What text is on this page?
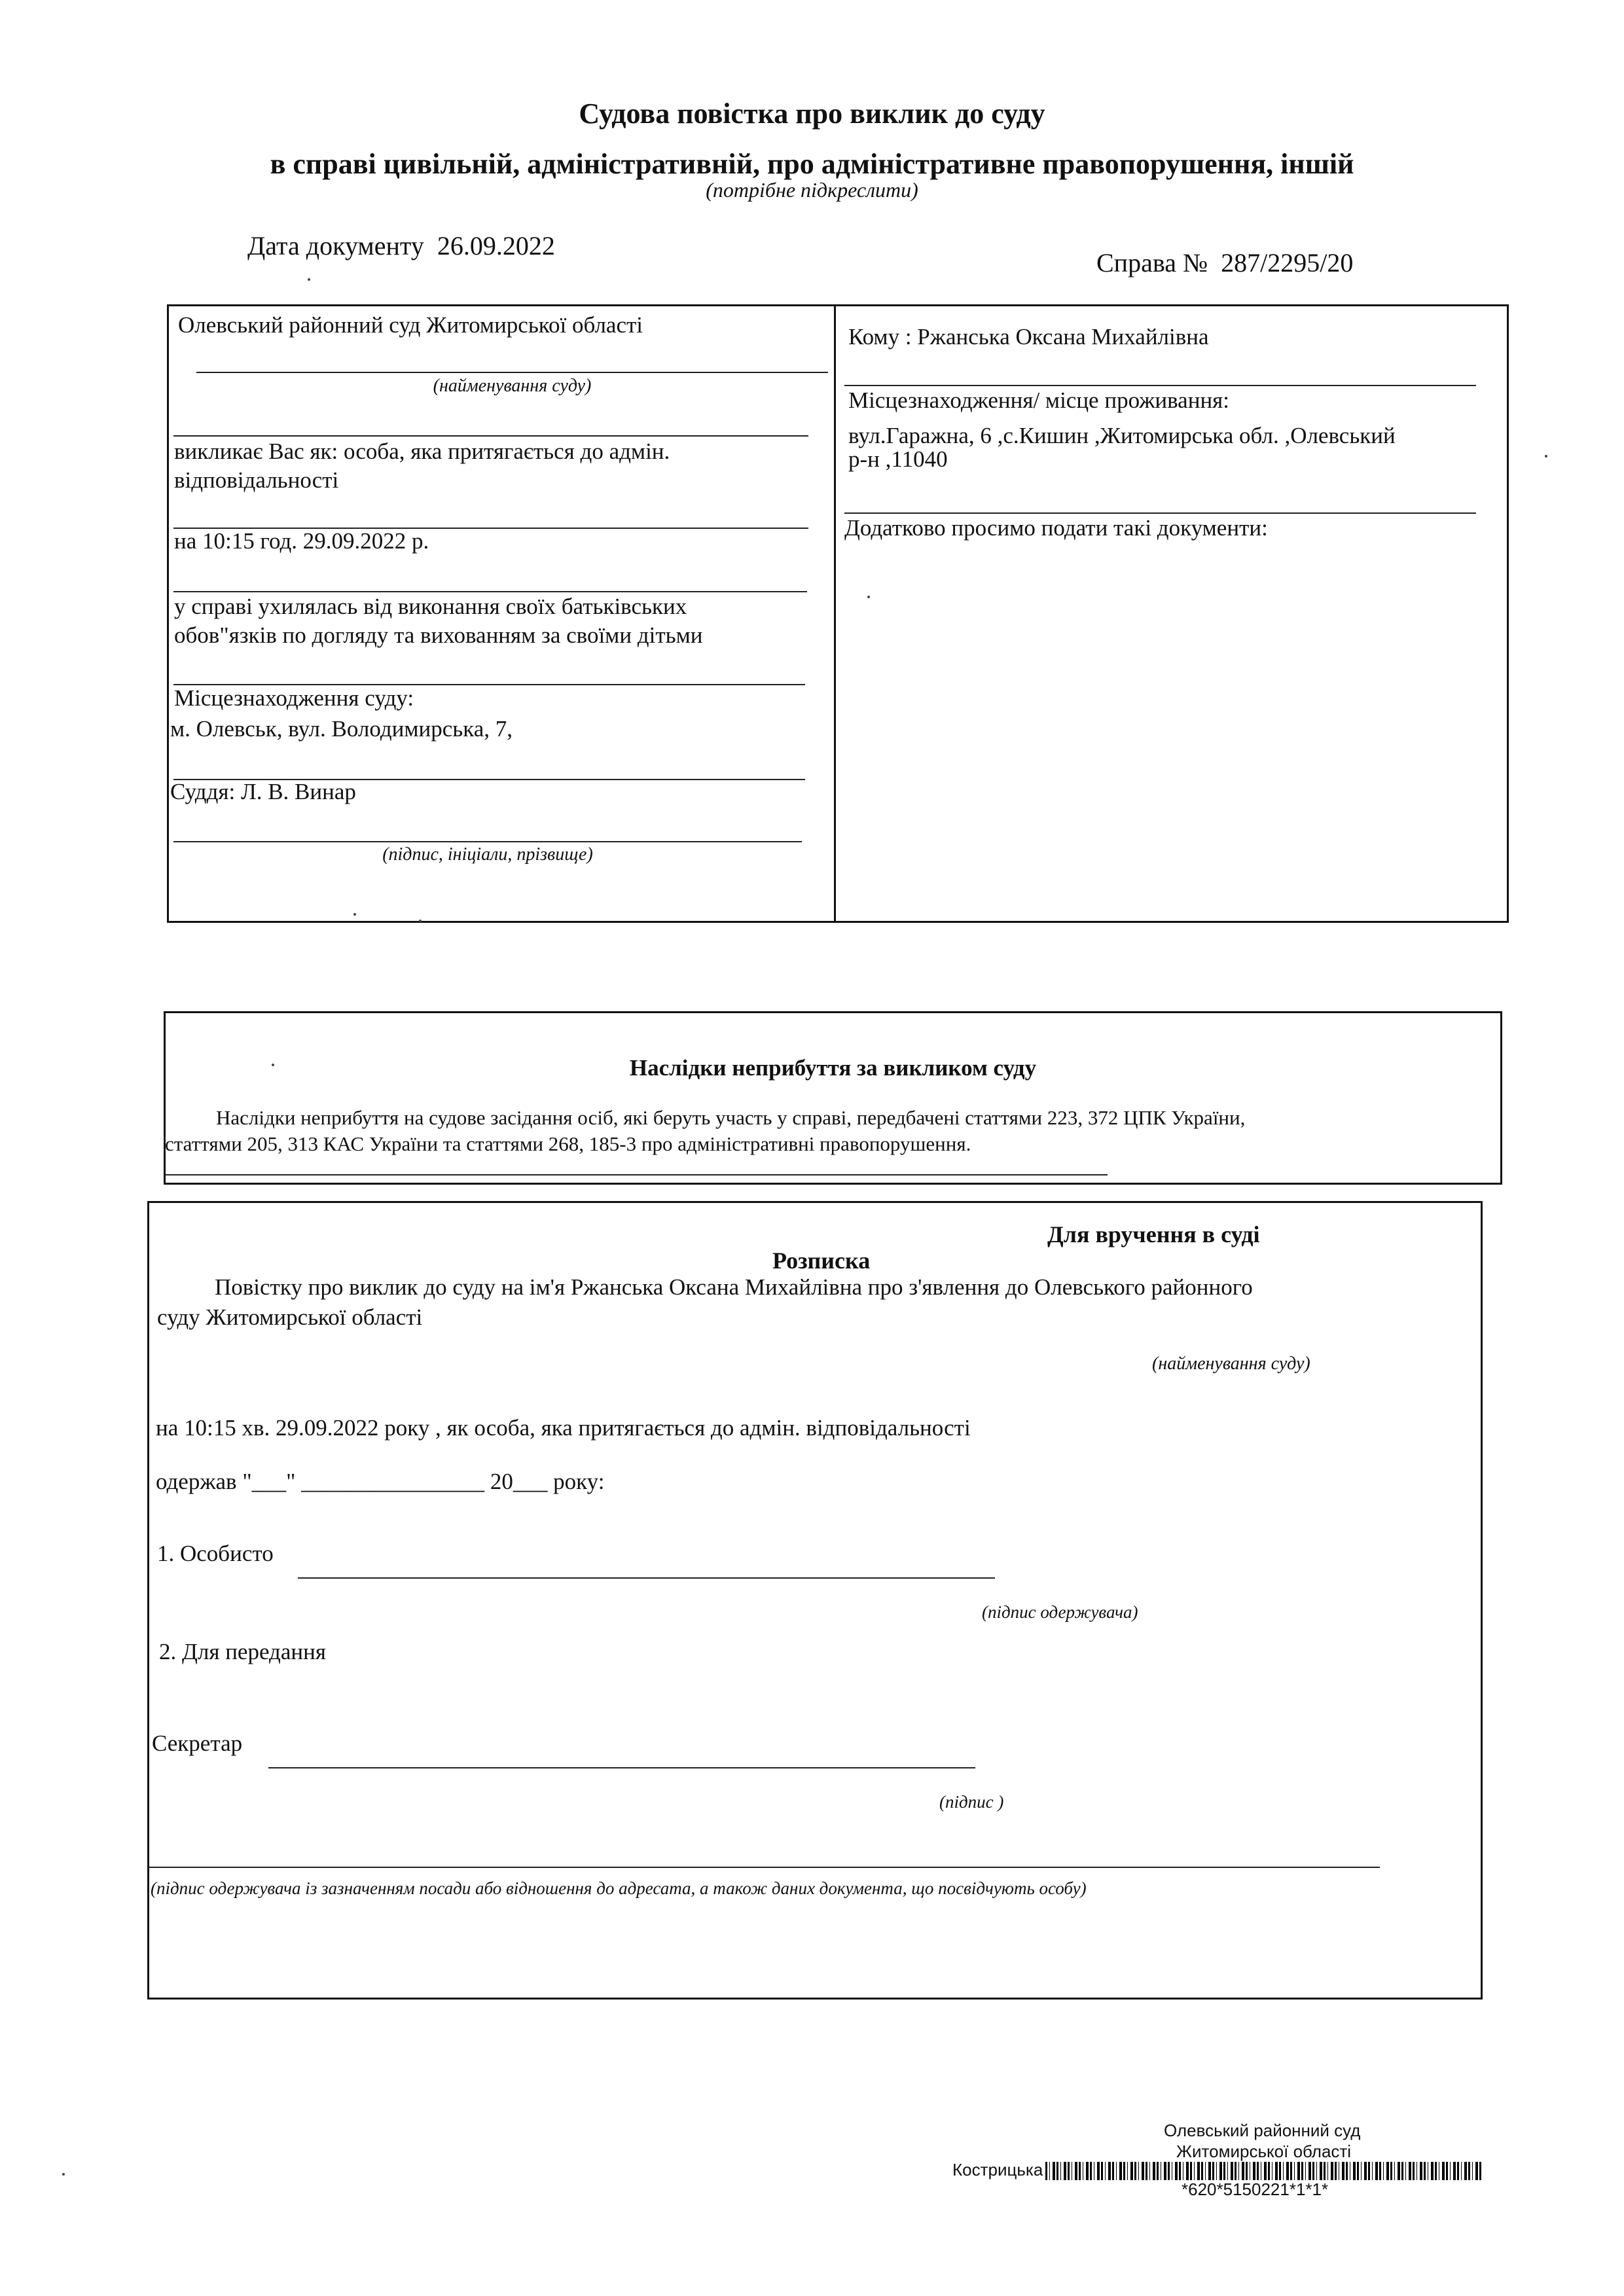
Судова повістка про виклик до суду
в справі цивільній, адміністративній, про адміністративне правопорушення, іншій
(потрібне підкреслити)
Дата документу 26.09.2022
Справа № 287/2295/20
Олевський районний суд Житомирської області
(найменування суду)
викликає Вас як: особа, яка притягається до адмін.
відповідальності
на 10:15 год. 29.09.2022 р.
у справі ухилялась від виконання своїх батьківських
обов"язків по догляду та вихованням за своїми дітьми
Місцезнаходження суду:
м. Олевськ, вул. Володимирська, 7,
Суддя: Л. В. Винар
(підпис, ініціали, прізвище)
Кому : Ржанська Оксана Михайлівна
Місцезнаходження/ місце проживання:
вул.Гаражна, 6 ,с.Кишин ,Житомирська обл. ,Олевський
р-н ,11040
Додатково просимо подати такі документи:
Наслідки неприбуття за викликом суду
Наслідки неприбуття на судове засідання осіб, які беруть участь у справі, передбачені статтями 223, 372 ЦПК України,
статтями 205, 313 КАС України та статтями 268, 185-3 про адміністративні правопорушення.
Для вручення в суді
Розписка
Повістку про виклик до суду на ім'я Ржанська Оксана Михайлівна про з'явлення до Олевського районного
суду Житомирської області
(найменування суду)
на 10:15 хв. 29.09.2022 року , як особа, яка притягається до адмін. відповідальності
одержав "___" ________________ 20___ року:
1. Особисто
(підпис одержувача)
2. Для передання
Секретар
(підпис )
(підпис одержувача із зазначенням посади або відношення до адресата, а також даних документа, що посвідчують особу)
Олевський районний суд
Житомирської області
Кострицька
*620*5150221*1*1*
